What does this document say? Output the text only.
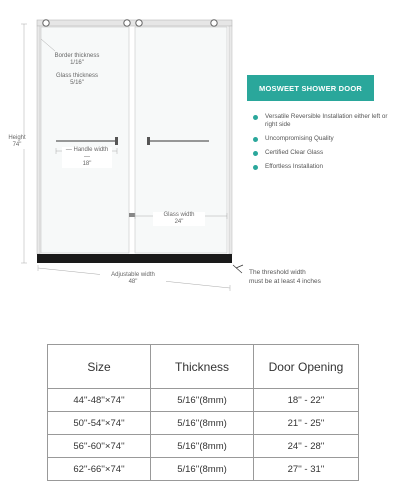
Border thickness
1/16"
Glass thickness
5/16"
Height
74"
— Handle width —
18"
Glass width
24"
Adjustable width
48"
The threshold width
must be at least 4 inches
MOSWEET SHOWER DOOR
Versatile Reversible Installation either left or right side
Uncompromising Quality
Certified Clear Glass
Effortless Installation
Size	Thickness	Door Opening
44''-48''×74''	5/16''(8mm)	18'' - 22''
50''-54''×74''	5/16''(8mm)	21'' - 25''
56''-60''×74''	5/16''(8mm)	24'' - 28''
62''-66''×74''	5/16''(8mm)	27'' - 31''
